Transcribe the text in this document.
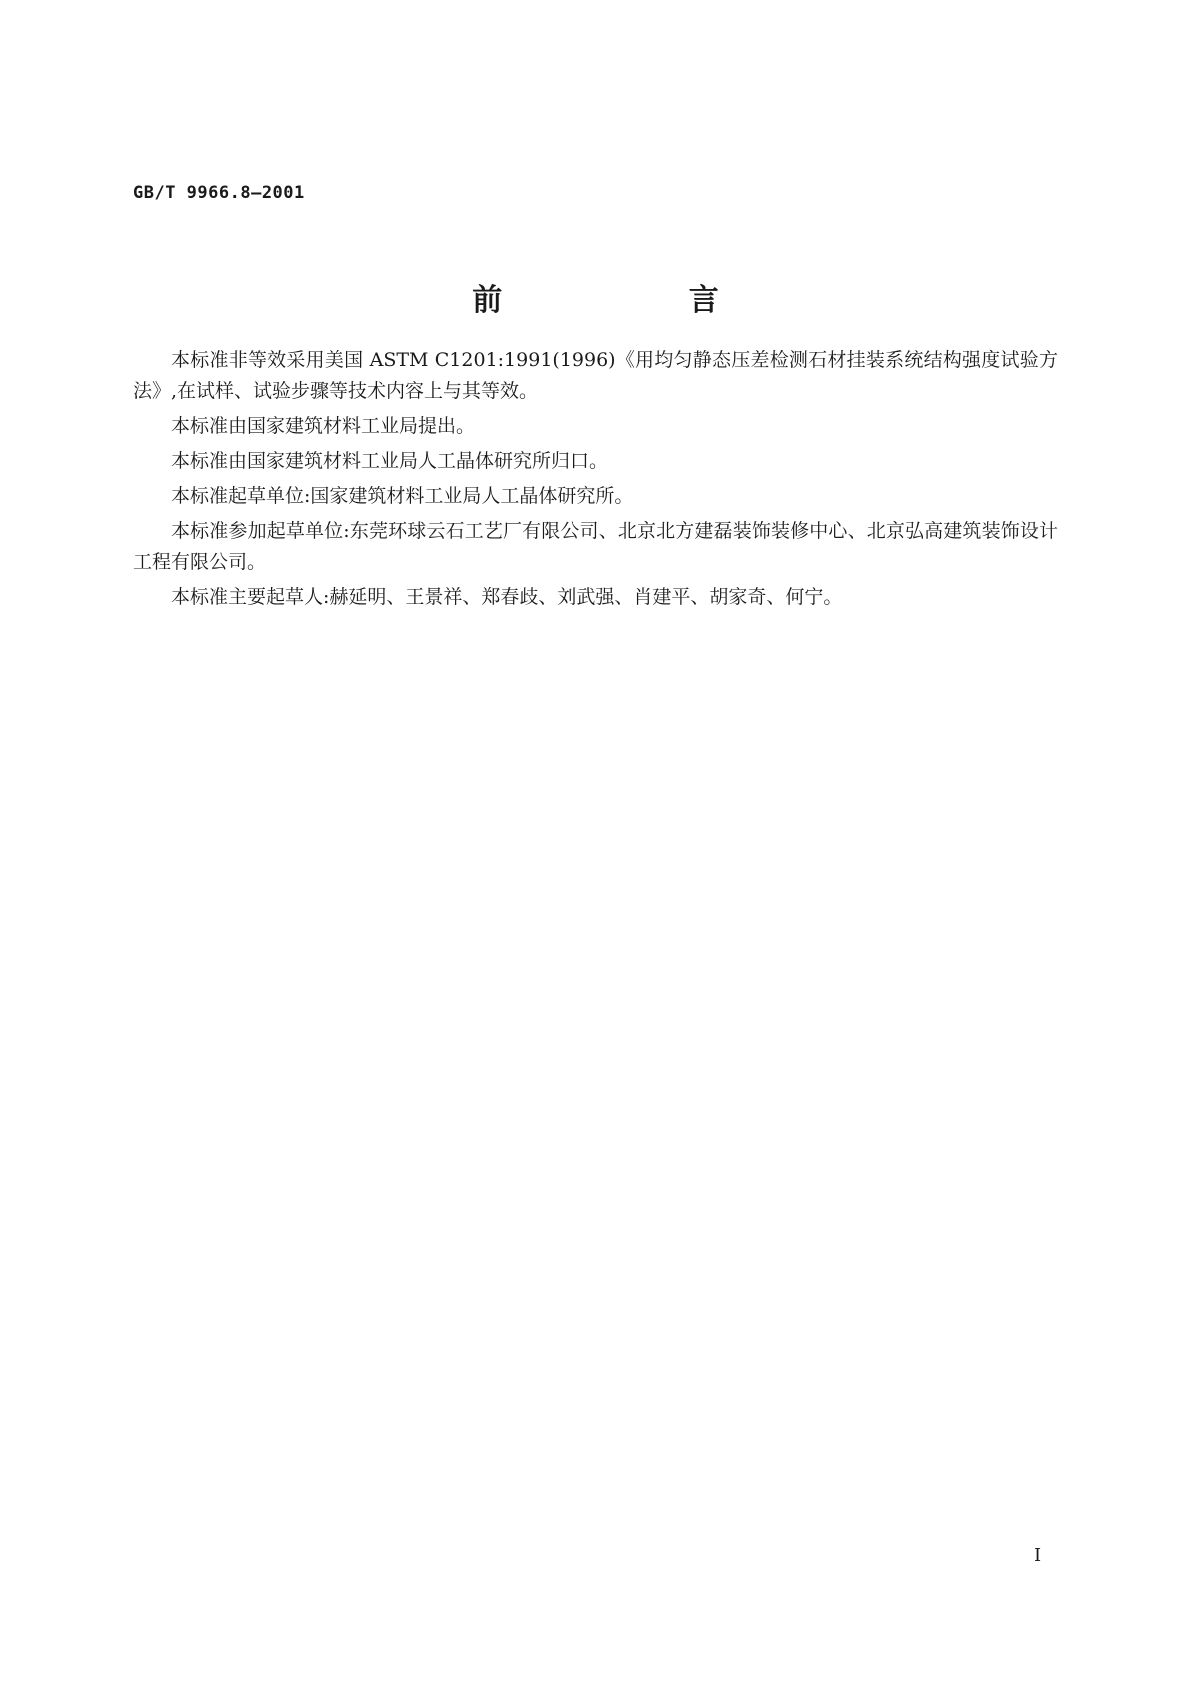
GB/T 9966.8—2001
前 言

本标准非等效采用美国 ASTM C1201:1991(1996)《用均匀静态压差检测石材挂装系统结构强度试验方法》,在试样、试验步骤等技术内容上与其等效。

本标准由国家建筑材料工业局提出。

本标准由国家建筑材料工业局人工晶体研究所归口。

本标准起草单位:国家建筑材料工业局人工晶体研究所。

本标准参加起草单位:东莞环球云石工艺厂有限公司、北京北方建磊装饰装修中心、北京弘高建筑装饰设计工程有限公司。

本标准主要起草人:赫延明、王景祥、郑春歧、刘武强、肖建平、胡家奇、何宁。

I
